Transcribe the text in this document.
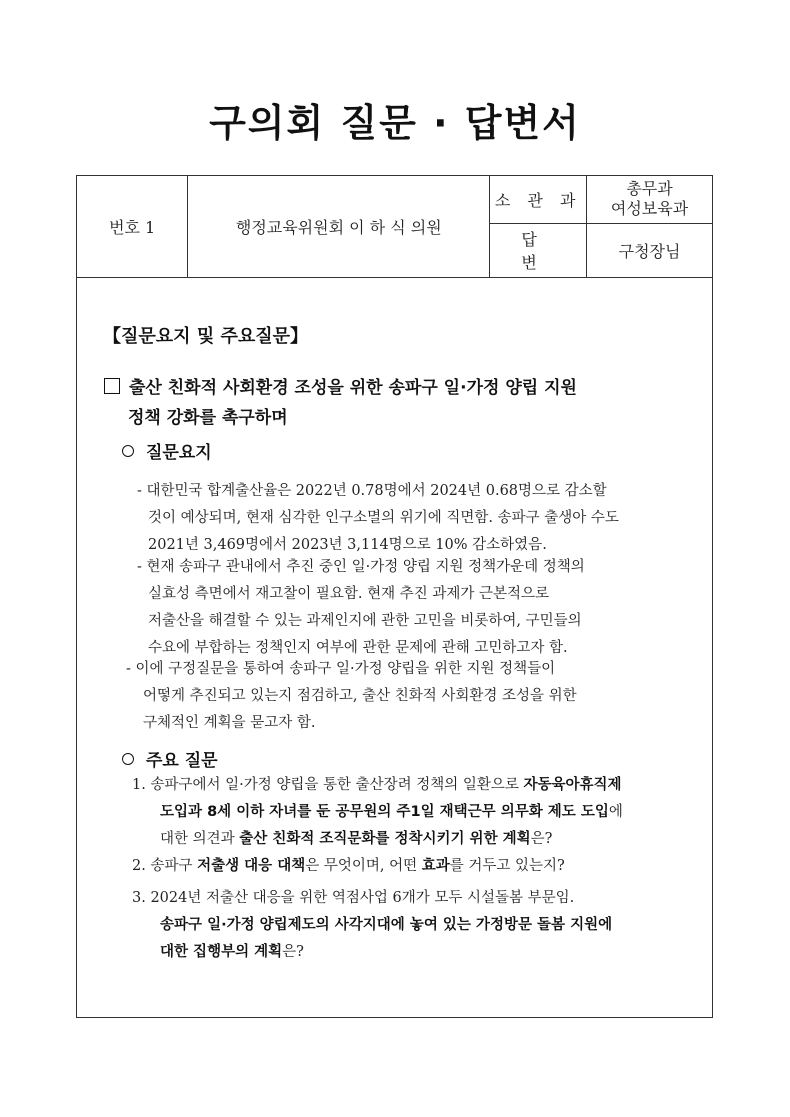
구의회 질문 · 답변서
번호 1	행정교육위원회 이 하 식 의원	소 관 과	총무과
여성보육과

		답 변	구청장님
【질문요지 및 주요질문】
출산 친화적 사회환경 조성을 위한 송파구 일·가정 양립 지원
정책 강화를 촉구하며
질문요지
- 대한민국 합계출산율은 2022년 0.78명에서 2024년 0.68명으로 감소할
것이 예상되며, 현재 심각한 인구소멸의 위기에 직면함. 송파구 출생아 수도
2021년 3,469명에서 2023년 3,114명으로 10% 감소하였음.
- 현재 송파구 관내에서 추진 중인 일·가정 양립 지원 정책가운데 정책의
실효성 측면에서 재고찰이 필요함. 현재 추진 과제가 근본적으로
저출산을 해결할 수 있는 과제인지에 관한 고민을 비롯하여, 구민들의
수요에 부합하는 정책인지 여부에 관한 문제에 관해 고민하고자 함.
- 이에 구정질문을 통하여 송파구 일·가정 양립을 위한 지원 정책들이
어떻게 추진되고 있는지 점검하고, 출산 친화적 사회환경 조성을 위한
구체적인 계획을 묻고자 함.
주요 질문
1. 송파구에서 일·가정 양립을 통한 출산장려 정책의 일환으로 자동육아휴직제
도입과 8세 이하 자녀를 둔 공무원의 주1일 재택근무 의무화 제도 도입에
대한 의견과 출산 친화적 조직문화를 정착시키기 위한 계획은?
2. 송파구 저출생 대응 대책은 무엇이며, 어떤 효과를 거두고 있는지?
3. 2024년 저출산 대응을 위한 역점사업 6개가 모두 시설돌봄 부문임.
송파구 일·가정 양립제도의 사각지대에 놓여 있는 가정방문 돌봄 지원에
대한 집행부의 계획은?
